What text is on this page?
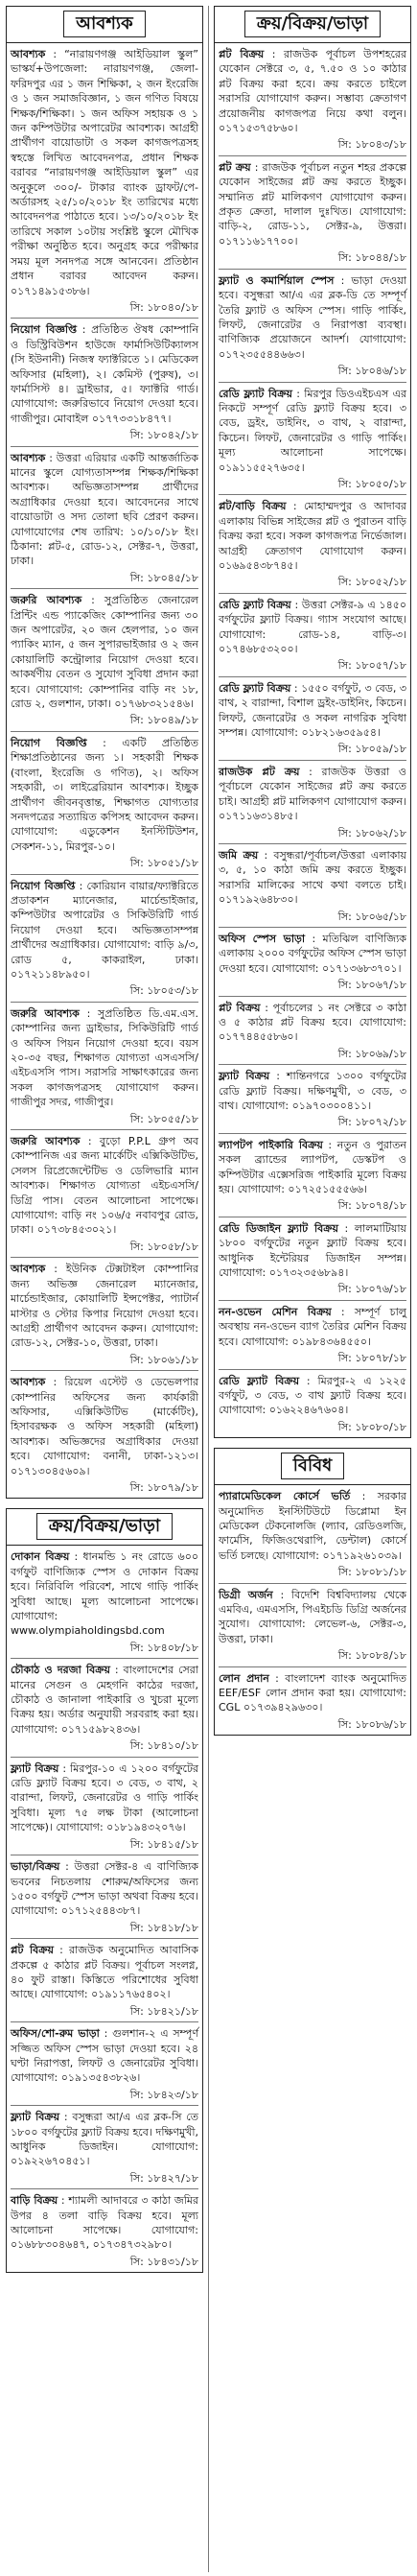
আবশ্যক

আবশ্যক : “নারায়ণগঞ্জ আইডিয়াল স্কুল” ভাস্কর্য+উপজেলা: নারায়ণগঞ্জ, জেলা-ফরিদপুর এর ১ জন শিক্ষিকা, ২ জন ইংরেজি ও ১ জন সমাজবিজ্ঞান, ১ জন গণিত বিষয়ে শিক্ষক/শিক্ষিকা। ১ জন অফিস সহায়ক ও ১ জন কম্পিউটার অপারেটর আবশ্যক। আগ্রহী প্রার্থীগণ বায়োডাটা ও সকল কাগজপত্রসহ স্বহস্তে লিখিত আবেদনপত্র, প্রধান শিক্ষক বরাবর “নারায়ণগঞ্জ আইডিয়াল স্কুল” এর অনুকূলে ৩০০/- টাকার ব্যাংক ড্রাফট/পে-অর্ডারসহ ২৫/১০/২০১৮ ইং তারিখের মধ্যে আবেদনপত্র পাঠাতে হবে। ১৩/১০/২০১৮ ইং তারিখে সকাল ১০টায় সংশ্লিষ্ট স্কুলে মৌখিক পরীক্ষা অনুষ্ঠিত হবে। অনুগ্রহ করে পরীক্ষার সময় মূল সনদপত্র সঙ্গে আনবেন। প্রতিষ্ঠান প্রধান বরাবর আবেদন করুন। ০১৭১৪৯১৫৩৮৬।

সি: ১৮০৪০/১৮

নিয়োগ বিজ্ঞপ্তি : প্রতিষ্ঠিত ঔষধ কোম্পানি ও ডিস্ট্রিবিউশন হাউজে ফার্মাসিউটিক্যালস (সি ইউনানী) নিজস্ব ফ্যাক্টরিতে ১। মেডিকেল অফিসার (মহিলা), ২। কেমিস্ট (পুরুষ), ৩। ফার্মাসিস্ট ৪। ড্রাইভার, ৫। ফ্যাক্টরি গার্ড। যোগাযোগ: জরুরিভাবে নিয়োগ দেওয়া হবে। গাজীপুর। মোবাইল ০১৭৭৩৩১৮৪৭৭।

সি: ১৮০৪২/১৮

আবশ্যক : উত্তরা এরিয়ার একটি আন্তর্জাতিক মানের স্কুলে যোগ্যতাসম্পন্ন শিক্ষক/শিক্ষিকা আবশ্যক। অভিজ্ঞতাসম্পন্ন প্রার্থীদের অগ্রাধিকার দেওয়া হবে। আবেদনের সাথে বায়োডাটা ও সদ্য তোলা ছবি প্রেরণ করুন। যোগাযোগের শেষ তারিখ: ১০/১০/১৮ ইং। ঠিকানা: প্লট-৫, রোড-১২, সেক্টর-৭, উত্তরা, ঢাকা।

সি: ১৮০৪৫/১৮

জরুরি আবশ্যক : সুপ্রতিষ্ঠিত জেনারেল প্রিন্টিং এন্ড প্যাকেজিং কোম্পানির জন্য ৩০ জন অপারেটর, ২০ জন হেলপার, ১০ জন প্যাকিং ম্যান, ৫ জন সুপারভাইজার ও ২ জন কোয়ালিটি কন্ট্রোলার নিয়োগ দেওয়া হবে। আকর্ষণীয় বেতন ও সুযোগ সুবিধা প্রদান করা হবে। যোগাযোগ: কোম্পানির বাড়ি নং ১৮, রোড ২, গুলশান, ঢাকা। ০১৭৬৮৩২১৫৪৬।

সি: ১৮০৪৯/১৮

নিয়োগ বিজ্ঞপ্তি : একটি প্রতিষ্ঠিত শিক্ষাপ্রতিষ্ঠানের জন্য ১। সহকারী শিক্ষক (বাংলা, ইংরেজি ও গণিত), ২। অফিস সহকারী, ৩। লাইব্রেরিয়ান আবশ্যক। ইচ্ছুক প্রার্থীগণ জীবনবৃত্তান্ত, শিক্ষাগত যোগ্যতার সনদপত্রের সত্যায়িত কপিসহ আবেদন করুন। যোগাযোগ: এডুকেশন ইনস্টিটিউশন, সেকশন-১১, মিরপুর-১০।

সি: ১৮০৫১/১৮

নিয়োগ বিজ্ঞপ্তি : কোরিয়ান বায়ার/ফ্যাক্টরিতে প্রডাকশন ম্যানেজার, মার্চেন্ডাইজার, কম্পিউটার অপারেটর ও সিকিউরিটি গার্ড নিয়োগ দেওয়া হবে। অভিজ্ঞতাসম্পন্ন প্রার্থীদের অগ্রাধিকার। যোগাযোগ: বাড়ি ৯/৩, রোড ৫, কাকরাইল, ঢাকা। ০১৭২১১৪৮৯৫০।

সি: ১৮০৫৩/১৮

জরুরি আবশ্যক : সুপ্রতিষ্ঠিত ডি.এম.এস. কোম্পানির জন্য ড্রাইভার, সিকিউরিটি গার্ড ও অফিস পিয়ন নিয়োগ দেওয়া হবে। বয়স ২০-৩৫ বছর, শিক্ষাগত যোগ্যতা এসএসসি/এইচএসসি পাস। সরাসরি সাক্ষাৎকারের জন্য সকল কাগজপত্রসহ যোগাযোগ করুন। গাজীপুর সদর, গাজীপুর।

সি: ১৮০৫৫/১৮

জরুরি আবশ্যক : বুড়ো P.P.L গ্রুপ অব কোম্পানিজ এর জন্য মার্কেটিং এক্সিকিউটিভ, সেলস রিপ্রেজেন্টেটিভ ও ডেলিভারি ম্যান আবশ্যক। শিক্ষাগত যোগ্যতা এইচএসসি/ডিগ্রি পাস। বেতন আলোচনা সাপেক্ষে। যোগাযোগ: বাড়ি নং ১০৬/৫ নবাবপুর রোড, ঢাকা। ০১৭৩৮৪৫৩০২১।

সি: ১৮০৫৮/১৮

আবশ্যক : ইউনিক টেক্সটাইল কোম্পানির জন্য অভিজ্ঞ জেনারেল ম্যানেজার, মার্চেন্ডাইজার, কোয়ালিটি ইন্সপেক্টর, প্যাটার্ন মাস্টার ও স্টোর কিপার নিয়োগ দেওয়া হবে। আগ্রহী প্রার্থীগণ আবেদন করুন। যোগাযোগ: রোড-১২, সেক্টর-১০, উত্তরা, ঢাকা।

সি: ১৮০৬১/১৮

আবশ্যক : রিয়েল এস্টেট ও ডেভেলপার কোম্পানির অফিসের জন্য কার্যকারী অফিসার, এক্সিকিউটিভ (মার্কেটিং), হিসাবরক্ষক ও অফিস সহকারী (মহিলা) আবশ্যক। অভিজ্ঞদের অগ্রাধিকার দেওয়া হবে। যোগাযোগ: বনানী, ঢাকা-১২১৩। ০১৭১৩০৪৫৬০৯।

সি: ১৮০৭৯/১৮
ক্রয়/বিক্রয়/ভাড়া

দোকান বিক্রয় : ধানমন্ডি ১ নং রোডে ৬০০ বর্গফুট বাণিজ্যিক স্পেস ও দোকান বিক্রয় হবে। নিরিবিলি পরিবেশ, সাথে গাড়ি পার্কিং সুবিধা আছে। মূল্য আলোচনা সাপেক্ষে। যোগাযোগ: www.olympiaholdingsbd.com

সি: ১৮৪০৮/১৮

চৌকাঠ ও দরজা বিক্রয় : বাংলাদেশের সেরা মানের সেগুন ও মেহগনি কাঠের দরজা, চৌকাঠ ও জানালা পাইকারি ও খুচরা মূল্যে বিক্রয় হয়। অর্ডার অনুযায়ী সরবরাহ করা হয়। যোগাযোগ: ০১৭১৫৯৮২৪৩৬।

সি: ১৮৪১০/১৮

ফ্ল্যাট বিক্রয় : মিরপুর-১০ এ ১২০০ বর্গফুটের রেডি ফ্ল্যাট বিক্রয় হবে। ৩ বেড, ৩ বাথ, ২ বারান্দা, লিফট, জেনারেটর ও গাড়ি পার্কিং সুবিধা। মূল্য ৭৫ লক্ষ টাকা (আলোচনা সাপেক্ষে)। যোগাযোগ: ০১৮১৯৪৩২০৭৬।

সি: ১৮৪১৫/১৮

ভাড়া/বিক্রয় : উত্তরা সেক্টর-৪ এ বাণিজ্যিক ভবনের নিচতলায় শোরুম/অফিসের জন্য ১৫০০ বর্গফুট স্পেস ভাড়া অথবা বিক্রয় হবে। যোগাযোগ: ০১৭১২৫৪৪৩৮৭।

সি: ১৮৪১৮/১৮

প্লট বিক্রয় : রাজউক অনুমোদিত আবাসিক প্রকল্পে ৫ কাঠার প্লট বিক্রয়। পূর্বাচল সংলগ্ন, ৪০ ফুট রাস্তা। কিস্তিতে পরিশোধের সুবিধা আছে। যোগাযোগ: ০১৯১১৭৬৫৪০২।

সি: ১৮৪২১/১৮

অফিস/শো-রুম ভাড়া : গুলশান-২ এ সম্পূর্ণ সজ্জিত অফিস স্পেস ভাড়া দেওয়া হবে। ২৪ ঘণ্টা নিরাপত্তা, লিফট ও জেনারেটর সুবিধা। যোগাযোগ: ০১৯১৩৫৪৩৮২৬।

সি: ১৮৪২৩/১৮

ফ্ল্যাট বিক্রয় : বসুন্ধরা আ/এ এর ব্লক-সি তে ১৮০০ বর্গফুটের ফ্ল্যাট বিক্রয় হবে। দক্ষিণমুখী, আধুনিক ডিজাইন। যোগাযোগ: ০১৯২২৬৭০৪৫১।

সি: ১৮৪২৭/১৮

বাড়ি বিক্রয় : শ্যামলী আদাবরে ৩ কাঠা জমির উপর ৪ তলা বাড়ি বিক্রয় হবে। মূল্য আলোচনা সাপেক্ষে। যোগাযোগ: ০১৬৮৮৩০৪৬৪৭, ০১৭৩৪৭৩২৯৮০।

সি: ১৮৪৩১/১৮
ক্রয়/বিক্রয়/ভাড়া

প্লট বিক্রয় : রাজউক পূর্বাচল উপশহরের যেকোন সেক্টরে ৩, ৫, ৭.৫০ ও ১০ কাঠার প্লট বিক্রয় করা হবে। ক্রয় করতে চাইলে সরাসরি যোগাযোগ করুন। সম্ভাব্য ক্রেতাগণ প্রয়োজনীয় কাগজপত্র নিয়ে কথা বলুন। ০১৭১৫৩৭৫৮৬০।

সি: ১৮০৪৩/১৮

প্লট ক্রয় : রাজউক পূর্বাচল নতুন শহর প্রকল্পে যেকোন সাইজের প্লট ক্রয় করতে ইচ্ছুক। সম্মানিত প্লট মালিকগণ যোগাযোগ করুন। প্রকৃত ক্রেতা, দালাল দুঃখিত। যোগাযোগ: বাড়ি-২, রোড-১১, সেক্টর-৯, উত্তরা। ০১৭১১৬১৭৭০০।

সি: ১৮০৪৪/১৮

ফ্ল্যাট ও কমার্শিয়াল স্পেস : ভাড়া দেওয়া হবে। বসুন্ধরা আ/এ এর ব্লক-ডি তে সম্পূর্ণ তৈরি ফ্ল্যাট ও অফিস স্পেস। গাড়ি পার্কিং, লিফট, জেনারেটর ও নিরাপত্তা ব্যবস্থা। বাণিজ্যিক প্রয়োজনে আদর্শ। যোগাযোগ: ০১৭২৩৫৫৪৪৬৬৩।

সি: ১৮০৪৬/১৮

রেডি ফ্ল্যাট বিক্রয় : মিরপুর ডিওএইচএস এর নিকটে সম্পূর্ণ রেডি ফ্ল্যাট বিক্রয় হবে। ৩ বেড, ড্রইং, ডাইনিং, ৩ বাথ, ২ বারান্দা, কিচেন। লিফট, জেনারেটর ও গাড়ি পার্কিং। মূল্য আলোচনা সাপেক্ষে। ০১৯১১৫৫২৭৬৩৫।

সি: ১৮০৫০/১৮

প্লট/বাড়ি বিক্রয় : মোহাম্মদপুর ও আদাবর এলাকায় বিভিন্ন সাইজের প্লট ও পুরাতন বাড়ি বিক্রয় করা হবে। সকল কাগজপত্র নির্ভেজাল। আগ্রহী ক্রেতাগণ যোগাযোগ করুন। ০১৬৯৫৪৩৮৭৪৫।

সি: ১৮০৫২/১৮

রেডি ফ্ল্যাট বিক্রয় : উত্তরা সেক্টর-৯ এ ১৪৫০ বর্গফুটের ফ্ল্যাট বিক্রয়। গ্যাস সংযোগ আছে। যোগাযোগ: রোড-১৪, বাড়ি-৩। ০১৭৪৬৮৫৩২০০।

সি: ১৮০৫৭/১৮

রেডি ফ্ল্যাট বিক্রয় : ১৫৫০ বর্গফুট, ৩ বেড, ৩ বাথ, ২ বারান্দা, বিশাল ড্রইং-ডাইনিং, কিচেন। লিফট, জেনারেটর ও সকল নাগরিক সুবিধা সম্পন্ন। যোগাযোগ: ০১৮২১৬৩৫৯৫৪।

সি: ১৮০৫৯/১৮

রাজউক প্লট ক্রয় : রাজউক উত্তরা ও পূর্বাচলে যেকোন সাইজের প্লট ক্রয় করতে চাই। আগ্রহী প্লট মালিকগণ যোগাযোগ করুন। ০১৭১১৬৩১৪৮৫।

সি: ১৮০৬২/১৮

জমি ক্রয় : বসুন্ধরা/পূর্বাচল/উত্তরা এলাকায় ৩, ৫, ১০ কাঠা জমি ক্রয় করতে ইচ্ছুক। সরাসরি মালিকের সাথে কথা বলতে চাই। ০১৭১৯২৬৪৮৩০।

সি: ১৮০৬৫/১৮

অফিস স্পেস ভাড়া : মতিঝিল বাণিজ্যিক এলাকায় ২০০০ বর্গফুটের অফিস স্পেস ভাড়া দেওয়া হবে। যোগাযোগ: ০১৭১৩৬৮৩৭০১।

সি: ১৮০৬৭/১৮

প্লট বিক্রয় : পূর্বাচলের ১ নং সেক্টরে ৩ কাঠা ও ৫ কাঠার প্লট বিক্রয় হবে। যোগাযোগ: ০১৭৭৪৪৫৫৮৬০।

সি: ১৮০৬৯/১৮

ফ্ল্যাট বিক্রয় : শান্তিনগরে ১৩০০ বর্গফুটের রেডি ফ্ল্যাট বিক্রয়। দক্ষিণমুখী, ৩ বেড, ৩ বাথ। যোগাযোগ: ০১৯৭০৩০০৪১১।

সি: ১৮০৭২/১৮

ল্যাপটপ পাইকারি বিক্রয় : নতুন ও পুরাতন সকল ব্র্যান্ডের ল্যাপটপ, ডেস্কটপ ও কম্পিউটার এক্সেসরিজ পাইকারি মূল্যে বিক্রয় হয়। যোগাযোগ: ০১৭২৫১৫৫৫৬৬।

সি: ১৮০৭৪/১৮

রেডি ডিজাইন ফ্ল্যাট বিক্রয় : লালমাটিয়ায় ১৮০০ বর্গফুটের নতুন ফ্ল্যাট বিক্রয় হবে। আধুনিক ইন্টেরিয়র ডিজাইন সম্পন্ন। যোগাযোগ: ০১৭৩২৩৫৬৮৯৪।

সি: ১৮০৭৬/১৮

নন-ওভেন মেশিন বিক্রয় : সম্পূর্ণ চালু অবস্থায় নন-ওভেন ব্যাগ তৈরির মেশিন বিক্রয় হবে। যোগাযোগ: ০১৯৮৪৩৬৪৫৫০।

সি: ১৮০৭৮/১৮

রেডি ফ্ল্যাট বিক্রয় : মিরপুর-২ এ ১২২৫ বর্গফুট, ৩ বেড, ৩ বাথ ফ্ল্যাট বিক্রয় হবে। যোগাযোগ: ০১৬২২৪৬৭৬০৪।

সি: ১৮০৮০/১৮
বিবিধ

প্যারামেডিকেল কোর্সে ভর্তি : সরকার অনুমোদিত ইনস্টিটিউটে ডিপ্লোমা ইন মেডিকেল টেকনোলজি (ল্যাব, রেডিওলজি, ফার্মেসি, ফিজিওথেরাপি, ডেন্টাল) কোর্সে ভর্তি চলছে। যোগাযোগ: ০১৭১৯২৬১০৩৯।

সি: ১৮০৮১/১৮

ডিগ্রী অর্জন : বিদেশি বিশ্ববিদ্যালয় থেকে এমবিএ, এমএসসি, পিএইচডি ডিগ্রি অর্জনের সুযোগ। যোগাযোগ: লেভেল-৬, সেক্টর-৩, উত্তরা, ঢাকা।

সি: ১৮০৮৪/১৮

লোন প্রদান : বাংলাদেশ ব্যাংক অনুমোদিত EEF/ESF লোন প্রদান করা হয়। যোগাযোগ: CGL ০১৭৩৯৪২৯৬৩০।

সি: ১৮০৮৬/১৮
